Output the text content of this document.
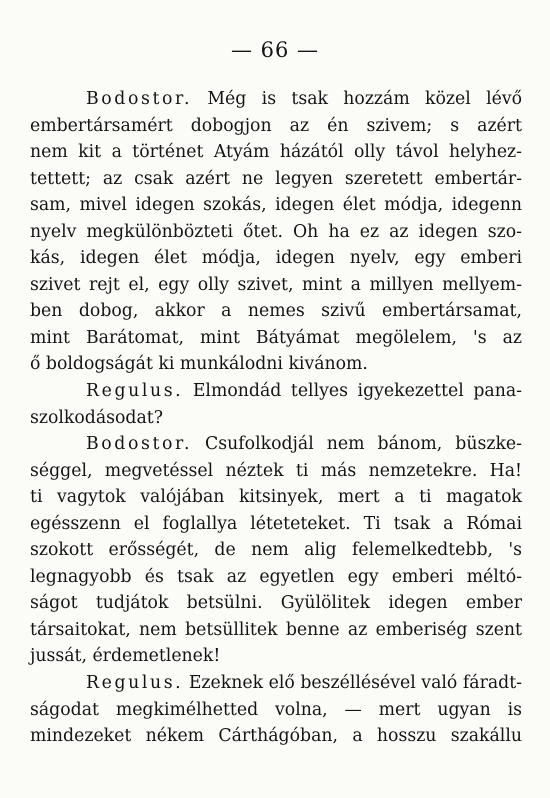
— 66 —
Bodostor. Még is tsak hozzám közel lévő
embertársamért dobogjon az én szivem; s azért
nem kit a történet Atyám házától olly távol helyhez-
tettett; az csak azért ne legyen szeretett embertár-
sam, mivel idegen szokás, idegen élet módja, idegenn
nyelv megkülönbözteti őtet. Oh ha ez az idegen szo-
kás, idegen élet módja, idegen nyelv, egy emberi
szivet rejt el, egy olly szivet, mint a millyen mellyem-
ben dobog, akkor a nemes szivű embertársamat,
mint Barátomat, mint Bátyámat megölelem, 's az
ő boldogságát ki munkálodni kivánom.
Regulus. Elmondád tellyes igyekezettel pana-
szolkodásodat?
Bodostor. Csufolkodjál nem bánom, büszke-
séggel, megvetéssel néztek ti más nemzetekre. Ha!
ti vagytok valójában kitsinyek, mert a ti magatok
egésszenn el foglallya léteteteket. Ti tsak a Római
szokott erősségét, de nem alig felemelkedtebb, 's
legnagyobb és tsak az egyetlen egy emberi méltó-
ságot tudjátok betsülni. Gyülölitek idegen ember
társaitokat, nem betsüllitek benne az emberiség szent
jussát, érdemetlenek!
Regulus. Ezeknek elő beszéllésével való fáradt-
ságodat megkimélhetted volna, — mert ugyan is
mindezeket nékem Cárthágóban, a hosszu szakállu
